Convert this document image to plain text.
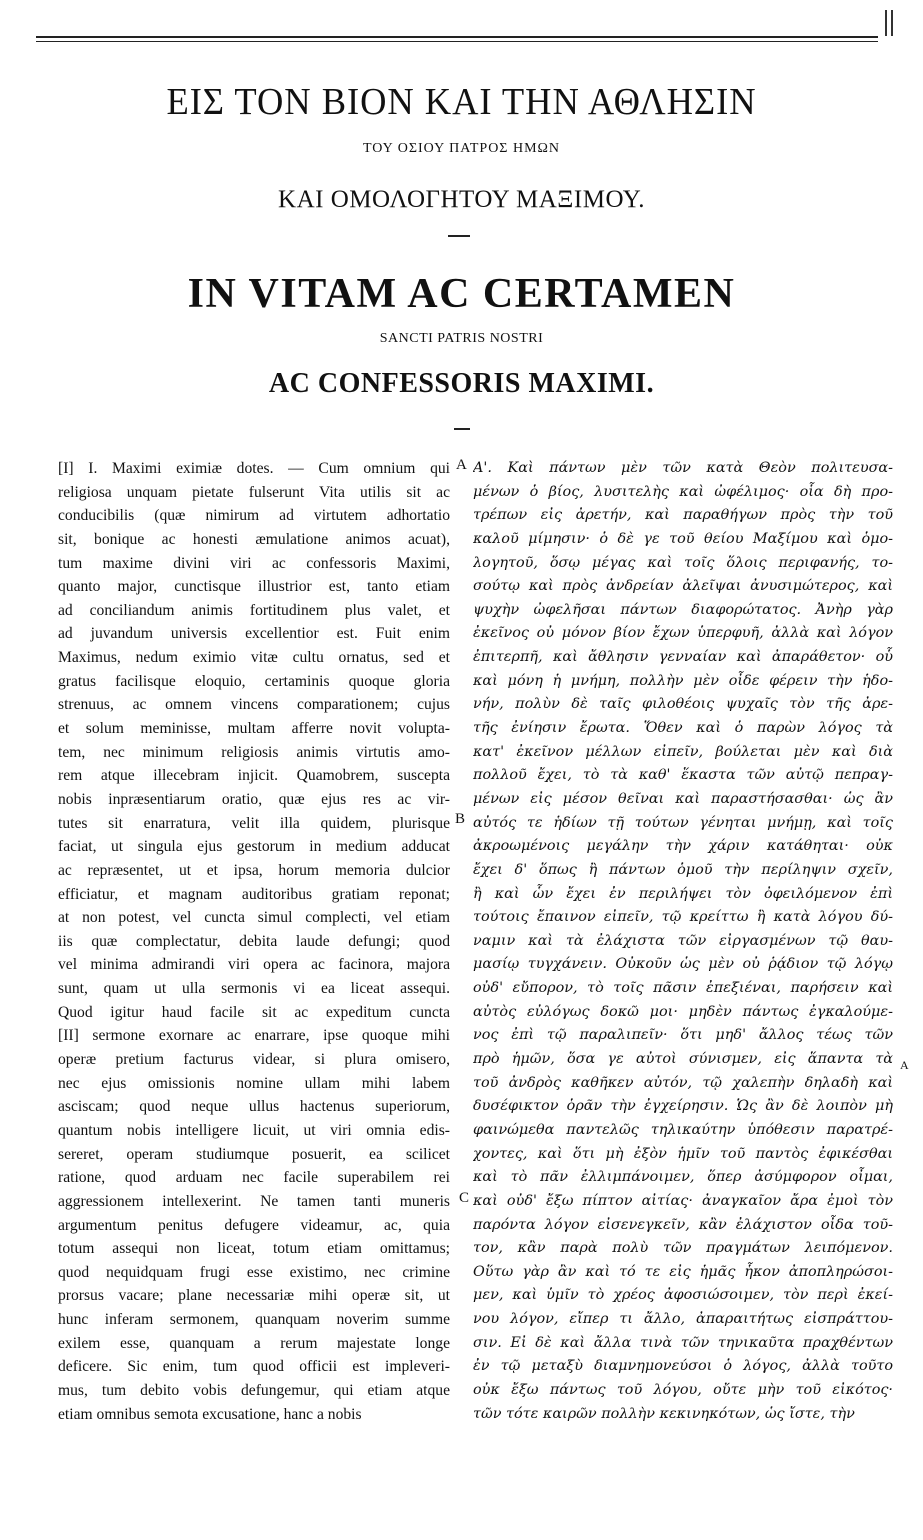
ΕΙΣ ΤΟΝ ΒΙΟΝ ΚΑΙ ΤΗΝ ΑΘΛΗΣΙΝ
ΤΟΥ ΟΣΙΟΥ ΠΑΤΡΟΣ ΗΜΩΝ
ΚΑΙ ΟΜΟΛΟΓΗΤΟΥ ΜΑΞΙΜΟΥ.
IN VITAM AC CERTAMEN
SANCTI PATRIS NOSTRI
AC CONFESSORIS MAXIMI.
[I] I. Maximi eximiæ dotes. — Cum omnium qui
religiosa unquam pietate fulserunt Vita utilis sit ac
conducibilis (quæ nimirum ad virtutem adhortatio
sit, bonique ac honesti æmulatione animos acuat),
tum maxime divini viri ac confessoris Maximi,
quanto major, cunctisque illustrior est, tanto etiam
ad conciliandum animis fortitudinem plus valet, et
ad juvandum universis excellentior est. Fuit enim
Maximus, nedum eximio vitæ cultu ornatus, sed et
gratus facilisque eloquio, certaminis quoque gloria
strenuus, ac omnem vincens comparationem; cujus
et solum meminisse, multam afferre novit volupta-
tem, nec minimum religiosis animis virtutis amo-
rem atque illecebram injicit. Quamobrem, suscepta
nobis inpræsentiarum oratio, quæ ejus res ac vir-
tutes sit enarratura, velit illa quidem, plurisque
faciat, ut singula ejus gestorum in medium adducat
ac repræsentet, ut et ipsa, horum memoria dulcior
efficiatur, et magnam auditoribus gratiam reponat;
at non potest, vel cuncta simul complecti, vel etiam
iis quæ complectatur, debita laude defungi; quod
vel minima admirandi viri opera ac facinora, majora
sunt, quam ut ulla sermonis vi ea liceat assequi.
Quod igitur haud facile sit ac expeditum cuncta
[II] sermone exornare ac enarrare, ipse quoque mihi
operæ pretium facturus videar, si plura omisero,
nec ejus omissionis nomine ullam mihi labem
asciscam; quod neque ullus hactenus superiorum,
quantum nobis intelligere licuit, ut viri omnia edis-
sereret, operam studiumque posuerit, ea scilicet
ratione, quod arduam nec facile superabilem rei
aggressionem intellexerint. Ne tamen tanti muneris
argumentum penitus defugere videamur, ac, quia
totum assequi non liceat, totum etiam omittamus;
quod nequidquam frugi esse existimo, nec crimine
prorsus vacare; plane necessariæ mihi operæ sit, ut
hunc inferam sermonem, quanquam noverim summe
exilem esse, quanquam a rerum majestate longe
deficere. Sic enim, tum quod officii est impleveri-
mus, tum debito vobis defungemur, qui etiam atque
etiam omnibus semota excusatione, hanc a nobis
Α'. Καὶ πάντων μὲν τῶν κατὰ Θεὸν πολιτευσα-
μένων ὁ βίος, λυσιτελὴς καὶ ὠφέλιμος· οἷα δὴ προ-
τρέπων εἰς ἀρετήν, καὶ παραθήγων πρὸς τὴν τοῦ
καλοῦ μίμησιν· ὁ δὲ γε τοῦ θείου Μαξίμου καὶ ὁμο-
λογητοῦ, ὅσῳ μέγας καὶ τοῖς ὅλοις περιφανής, το-
σούτῳ καὶ πρὸς ἀνδρείαν ἀλεῖψαι ἀνυσιμώτερος, καὶ
ψυχὴν ὠφελῆσαι πάντων διαφορώτατος. Ἀνὴρ γὰρ
ἐκεῖνος οὐ μόνον βίον ἔχων ὑπερφυῆ, ἀλλὰ καὶ λόγον
ἐπιτερπῆ, καὶ ἄθλησιν γενναίαν καὶ ἀπαράθετον· οὗ
καὶ μόνη ἡ μνήμη, πολλὴν μὲν οἶδε φέρειν τὴν ἡδο-
νήν, πολὺν δὲ ταῖς φιλοθέοις ψυχαῖς τὸν τῆς ἀρε-
τῆς ἐνίησιν ἔρωτα. Ὅθεν καὶ ὁ παρὼν λόγος τὰ
κατ' ἐκεῖνον μέλλων εἰπεῖν, βούλεται μὲν καὶ διὰ
πολλοῦ ἔχει, τὸ τὰ καθ' ἕκαστα τῶν αὐτῷ πεπραγ-
μένων εἰς μέσον θεῖναι καὶ παραστήσασθαι· ὡς ἂν
αὐτός τε ἡδίων τῇ τούτων γένηται μνήμῃ, καὶ τοῖς
ἀκροωμένοις μεγάλην τὴν χάριν κατάθηται· οὐκ
ἔχει δ' ὅπως ἢ πάντων ὁμοῦ τὴν περίληψιν σχεῖν,
ἢ καὶ ὧν ἔχει ἐν περιλήψει τὸν ὀφειλόμενον ἐπὶ
τούτοις ἔπαινον εἰπεῖν, τῷ κρείττω ἢ κατὰ λόγου δύ-
ναμιν καὶ τὰ ἐλάχιστα τῶν εἰργασμένων τῷ θαυ-
μασίῳ τυγχάνειν. Οὐκοῦν ὡς μὲν οὐ ῥᾴδιον τῷ λόγῳ
οὐδ' εὔπορον, τὸ τοῖς πᾶσιν ἐπεξιέναι, παρήσειν καὶ
αὐτὸς εὐλόγως δοκῶ μοι· μηδὲν πάντως ἐγκαλούμε-
νος ἐπὶ τῷ παραλιπεῖν· ὅτι μηδ' ἄλλος τέως τῶν
πρὸ ἡμῶν, ὅσα γε αὐτοὶ σύνισμεν, εἰς ἅπαντα τὰ
τοῦ ἀνδρὸς καθῆκεν αὐτόν, τῷ χαλεπὴν δηλαδὴ καὶ
δυσέφικτον ὁρᾶν τὴν ἐγχείρησιν. Ὡς ἂν δὲ λοιπὸν μὴ
φαινώμεθα παντελῶς τηλικαύτην ὑπόθεσιν παρατρέ-
χοντες, καὶ ὅτι μὴ ἐξὸν ἡμῖν τοῦ παντὸς ἐφικέσθαι
καὶ τὸ πᾶν ἐλλιμπάνοιμεν, ὅπερ ἀσύμφορον οἶμαι,
καὶ οὐδ' ἔξω πίπτον αἰτίας· ἀναγκαῖον ἄρα ἐμοὶ τὸν
παρόντα λόγον εἰσενεγκεῖν, κἂν ἐλάχιστον οἶδα τοῦ-
τον, κἂν παρὰ πολὺ τῶν πραγμάτων λειπόμενον.
Οὕτω γὰρ ἂν καὶ τό τε εἰς ἡμᾶς ἧκον ἀποπληρώσοι-
μεν, καὶ ὑμῖν τὸ χρέος ἀφοσιώσοιμεν, τὸν περὶ ἐκεί-
νου λόγον, εἴπερ τι ἄλλο, ἀπαραιτήτως εἰσπράττου-
σιν. Εἰ δὲ καὶ ἄλλα τινὰ τῶν τηνικαῦτα πραχθέντων
ἐν τῷ μεταξὺ διαμνημονεύσοι ὁ λόγος, ἀλλὰ τοῦτο
οὐκ ἔξω πάντως τοῦ λόγου, οὔτε μὴν τοῦ εἰκότος·
τῶν τότε καιρῶν πολλὴν κεκινηκότων, ὡς ἴστε, τὴν
A
B
C
A
